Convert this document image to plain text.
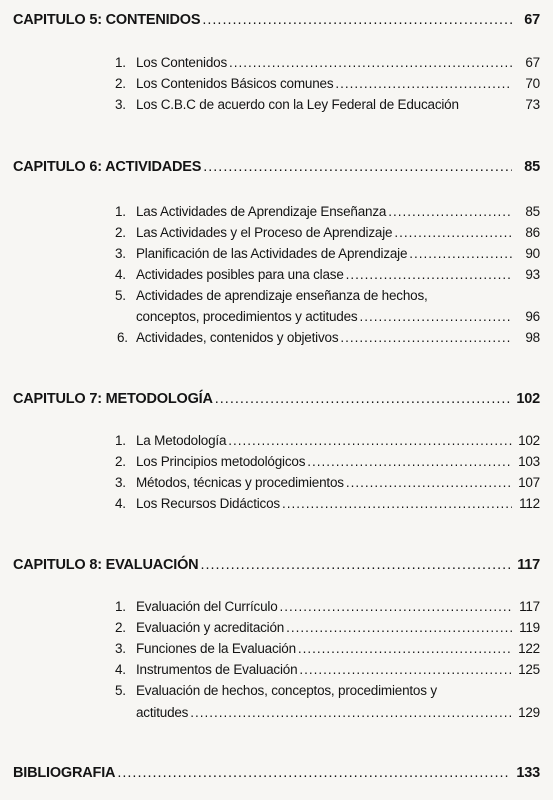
CAPITULO 5: CONTENIDOS .....	67
1. Los Contenidos .....	67
2. Los Contenidos Básicos comunes .....	70
3. Los C.B.C de acuerdo con la Ley Federal de Educación	73
CAPITULO 6: ACTIVIDADES .....	85
1. Las Actividades de Aprendizaje Enseñanza .....	85
2. Las Actividades y el Proceso de Aprendizaje .....	86
3. Planificación de las Actividades de Aprendizaje .....	90
4. Actividades posibles para una clase .....	93
5. Actividades de aprendizaje enseñanza de hechos,
conceptos, procedimientos y actitudes .....	96
6. Actividades, contenidos y objetivos .....	98
CAPITULO 7: METODOLOGÍA .....	102
1. La Metodología .....	102
2. Los Principios metodológicos .....	103
3. Métodos, técnicas y procedimientos .....	107
4. Los Recursos Didácticos .....	112
CAPITULO 8: EVALUACIÓN .....	117
1. Evaluación del Currículo .....	117
2. Evaluación y acreditación .....	119
3. Funciones de la Evaluación .....	122
4. Instrumentos de Evaluación .....	125
5. Evaluación de hechos, conceptos, procedimientos y
actitudes .....	129
BIBLIOGRAFIA .....	133
